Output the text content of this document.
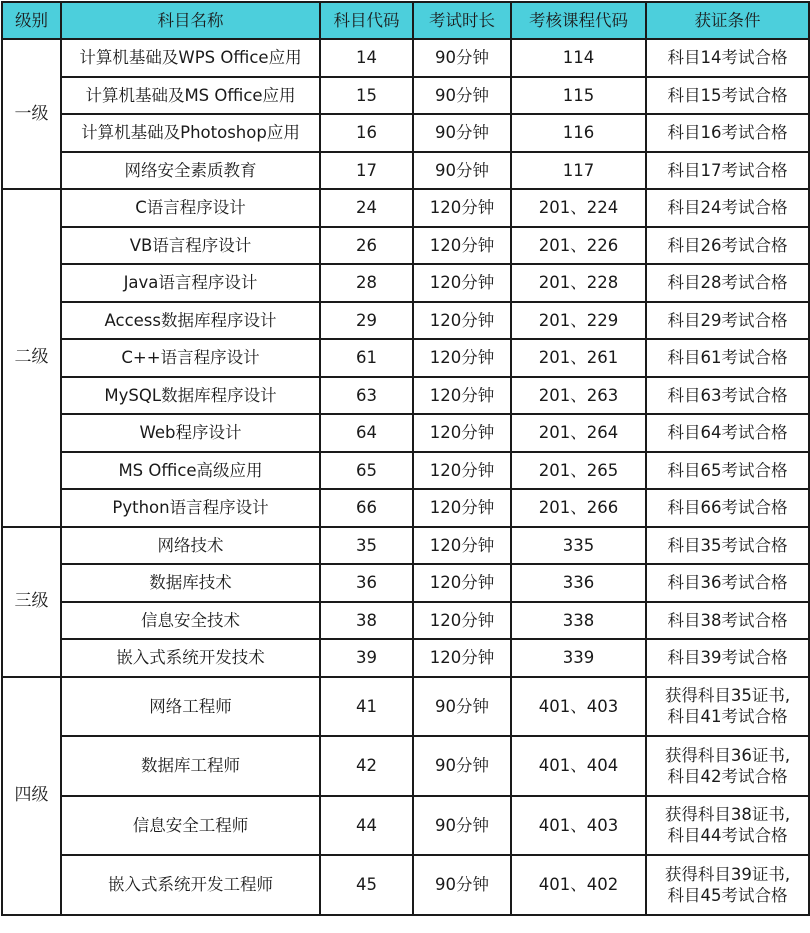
级别	科目名称	科目代码	考试时长	考核课程代码	获证条件
一级	计算机基础及WPS Office应用	14	90分钟	114	科目14考试合格
	计算机基础及MS Office应用	15	90分钟	115	科目15考试合格
	计算机基础及Photoshop应用	16	90分钟	116	科目16考试合格
	网络安全素质教育	17	90分钟	117	科目17考试合格
二级	C语言程序设计	24	120分钟	201、224	科目24考试合格
	VB语言程序设计	26	120分钟	201、226	科目26考试合格
	Java语言程序设计	28	120分钟	201、228	科目28考试合格
	Access数据库程序设计	29	120分钟	201、229	科目29考试合格
	C++语言程序设计	61	120分钟	201、261	科目61考试合格
	MySQL数据库程序设计	63	120分钟	201、263	科目63考试合格
	Web程序设计	64	120分钟	201、264	科目64考试合格
	MS Office高级应用	65	120分钟	201、265	科目65考试合格
	Python语言程序设计	66	120分钟	201、266	科目66考试合格
三级	网络技术	35	120分钟	335	科目35考试合格
	数据库技术	36	120分钟	336	科目36考试合格
	信息安全技术	38	120分钟	338	科目38考试合格
	嵌入式系统开发技术	39	120分钟	339	科目39考试合格
四级	网络工程师	41	90分钟	401、403	获得科目35证书,
科目41考试合格

	数据库工程师	42	90分钟	401、404	获得科目36证书,
科目42考试合格

	信息安全工程师	44	90分钟	401、403	获得科目38证书,
科目44考试合格

	嵌入式系统开发工程师	45	90分钟	401、402	获得科目39证书,
科目45考试合格
